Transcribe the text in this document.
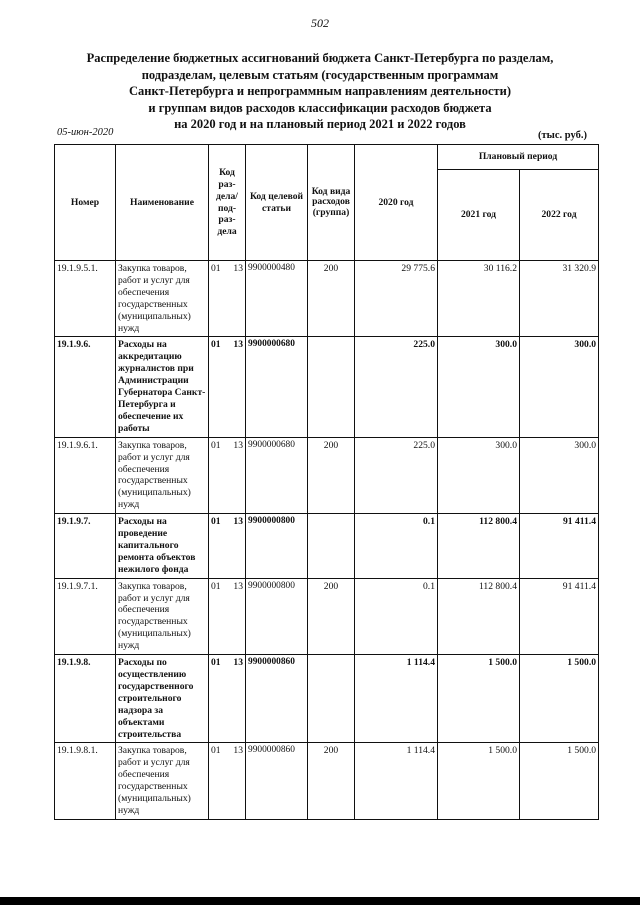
502
Распределение бюджетных ассигнований бюджета Санкт-Петербурга по разделам,
подразделам, целевым статьям (государственным программам
Санкт-Петербурга и непрограммным направлениям деятельности)
и группам видов расходов классификации расходов бюджета
на 2020 год и на плановый период 2021 и 2022 годов
05-июн-2020	(тыс. руб.)
Номер	Наименование	Код раз- дела/ под- раз- дела	Код целевой статьи	Код вида расходов (группа)	2020 год	Плановый период	
						2021 год	2022 год
19.1.9.5.1.	Закупка товаров, работ и услуг для обеспечения государственных (муниципальных) нужд	01 13	9900000480	200	29 775.6	30 116.2	31 320.9
19.1.9.6.	Расходы на аккредитацию журналистов при Администрации Губернатора Санкт-Петербурга и обеспечение их работы	01 13	9900000680		225.0	300.0	300.0
19.1.9.6.1.	Закупка товаров, работ и услуг для обеспечения государственных (муниципальных) нужд	01 13	9900000680	200	225.0	300.0	300.0
19.1.9.7.	Расходы на проведение капитального ремонта объектов нежилого фонда	01 13	9900000800		0.1	112 800.4	91 411.4
19.1.9.7.1.	Закупка товаров, работ и услуг для обеспечения государственных (муниципальных) нужд	01 13	9900000800	200	0.1	112 800.4	91 411.4
19.1.9.8.	Расходы по осуществлению государственного строительного надзора за объектами строительства	01 13	9900000860		1 114.4	1 500.0	1 500.0
19.1.9.8.1.	Закупка товаров, работ и услуг для обеспечения государственных (муниципальных) нужд	01 13	9900000860	200	1 114.4	1 500.0	1 500.0
